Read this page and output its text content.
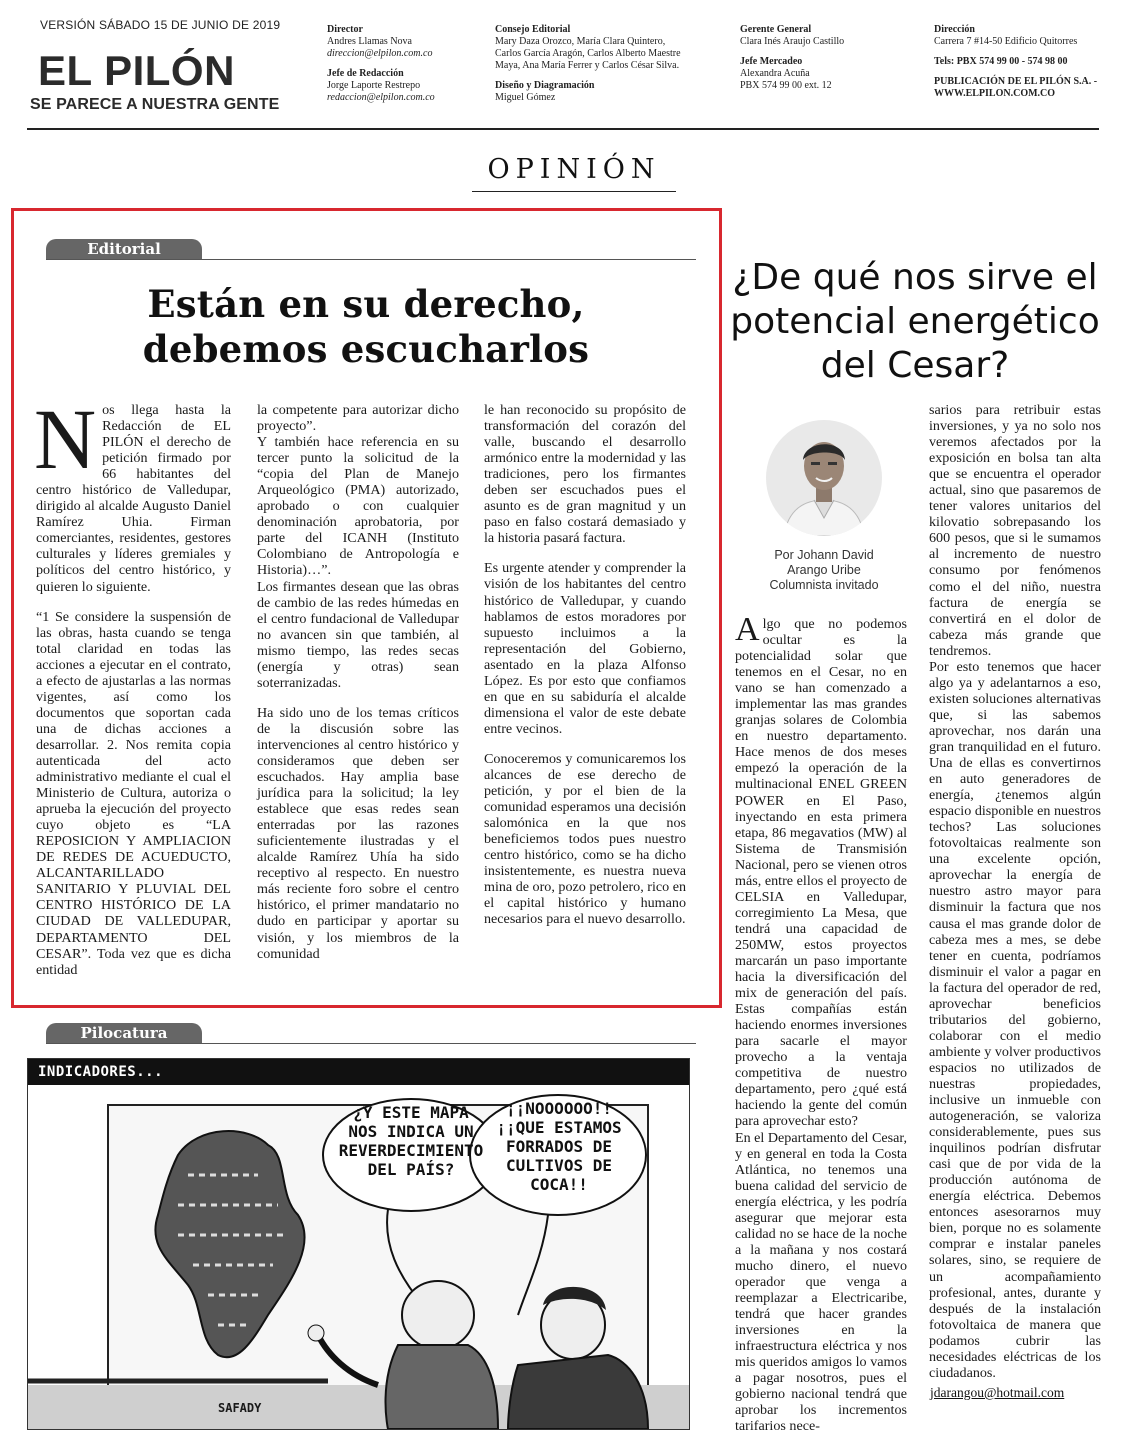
VERSIÓN SÁBADO 15 DE JUNIO DE 2019
EL PILÓN
SE PARECE A NUESTRA GENTE
Director
Andres Llamas Nova
direccion@elpilon.com.co
Jefe de Redacción
Jorge Laporte Restrepo
redaccion@elpilon.com.co
Consejo Editorial
Mary Daza Orozco, María Clara Quintero,
Carlos García Aragón, Carlos Alberto Maestre
Maya, Ana María Ferrer y Carlos César Silva.
Diseño y Diagramación
Miguel Gómez
Gerente General
Clara Inés Araujo Castillo
Jefe Mercadeo
Alexandra Acuña
PBX 574 99 00 ext. 12
Dirección
Carrera 7 #14-50 Edificio Quitorres
Tels: PBX 574 99 00 - 574 98 00
PUBLICACIÓN DE EL PILÓN S.A. -
WWW.ELPILON.COM.CO
OPINIÓN
Editorial
Están en su derecho,
debemos escucharlos

Nos llega hasta la Redacción de EL PILÓN el derecho de petición firmado por 66 habitantes del centro histórico de Valledupar, dirigido al alcalde Augusto Daniel Ramírez Uhia. Firman comerciantes, residentes, gestores culturales y líderes gremiales y políticos del centro histórico, y quieren lo siguiente.

“1 Se considere la suspensión de las obras, hasta cuando se tenga total claridad en todas las acciones a ejecutar en el contrato, a efecto de ajustarlas a las normas vigentes, así como los documentos que soportan cada una de dichas acciones a desarrollar. 2. Nos remita copia autenticada del acto administrativo mediante el cual el Ministerio de Cultura, autoriza o aprueba la ejecución del proyecto cuyo objeto es “LA REPOSICION Y AMPLIACION DE REDES DE ACUEDUCTO, ALCANTARILLADO SANITARIO Y PLUVIAL DEL CENTRO HISTÓRICO DE LA CIUDAD DE VALLEDUPAR, DEPARTAMENTO DEL CESAR”. Toda vez que es dicha entidad

la competente para autorizar dicho proyecto”.

Y también hace referencia en su tercer punto la solicitud de la “copia del Plan de Manejo Arqueológico (PMA) autorizado, aprobado o con cualquier denominación aprobatoria, por parte del ICANH (Instituto Colombiano de Antropología e Historia)…”.

Los firmantes desean que las obras de cambio de las redes húmedas en el centro fundacional de Valledupar no avancen sin que también, al mismo tiempo, las redes secas (energía y otras) sean soterranizadas.

Ha sido uno de los temas críticos de la discusión sobre las intervenciones al centro histórico y consideramos que deben ser escuchados. Hay amplia base jurídica para la solicitud; la ley establece que esas redes sean enterradas por las razones suficientemente ilustradas y el alcalde Ramírez Uhía ha sido receptivo al respecto. En nuestro más reciente foro sobre el centro histórico, el primer mandatario no dudo en participar y aportar su visión, y los miembros de la comunidad

le han reconocido su propósito de transformación del corazón del valle, buscando el desarrollo armónico entre la modernidad y las tradiciones, pero los firmantes deben ser escuchados pues el asunto es de gran magnitud y un paso en falso costará demasiado y la historia pasará factura.

Es urgente atender y comprender la visión de los habitantes del centro histórico de Valledupar, y cuando hablamos de estos moradores por supuesto incluimos a la representación del Gobierno, asentado en la plaza Alfonso López. Es por esto que confiamos en que en su sabiduría el alcalde dimensiona el valor de este debate entre vecinos.

Conoceremos y comunicaremos los alcances de ese derecho de petición, y por el bien de la comunidad esperamos una decisión salomónica en la que nos beneficiemos todos pues nuestro centro histórico, como se ha dicho insistentemente, es nuestra nueva mina de oro, pozo petrolero, rico en el capital histórico y humano necesarios para el nuevo desarrollo.

¿De qué nos sirve el
potencial energético
del Cesar?
Por Johann David
Arango Uribe
Columnista invitado

Algo que no podemos ocultar es la potencialidad solar que tenemos en el Cesar, no en vano se han comenzado a implementar las mas grandes granjas solares de Colombia en nuestro departamento. Hace menos de dos meses empezó la operación de la multinacional ENEL GREEN POWER en El Paso, inyectando en esta primera etapa, 86 megavatios (MW) al Sistema de Transmisión Nacional, pero se vienen otros más, entre ellos el proyecto de CELSIA en Valledupar, corregimiento La Mesa, que tendrá una capacidad de 250MW, estos proyectos marcarán un paso importante hacia la diversificación del mix de generación del país. Estas compañías están haciendo enormes inversiones para sacarle el mayor provecho a la ventaja competitiva de nuestro departamento, pero ¿qué está haciendo la gente del común para aprovechar esto?

En el Departamento del Cesar, y en general en toda la Costa Atlántica, no tenemos una buena calidad del servicio de energía eléctrica, y les podría asegurar que mejorar esta calidad no se hace de la noche a la mañana y nos costará mucho dinero, el nuevo operador que venga a reemplazar a Electricaribe, tendrá que hacer grandes inversiones en la infraestructura eléctrica y nos mis queridos amigos lo vamos a pagar nosotros, pues el gobierno nacional tendrá que aprobar los incrementos tarifarios nece-

sarios para retribuir estas inversiones, y ya no solo nos veremos afectados por la exposición en bolsa tan alta que se encuentra el operador actual, sino que pasaremos de tener valores unitarios del kilovatio sobrepasando los 600 pesos, que si le sumamos al incremento de nuestro consumo por fenómenos como el del niño, nuestra factura de energía se convertirá en el dolor de cabeza más grande que tendremos.

Por esto tenemos que hacer algo ya y adelantarnos a eso, existen soluciones alternativas que, si las sabemos aprovechar, nos darán una gran tranquilidad en el futuro. Una de ellas es convertirnos en auto generadores de energía, ¿tenemos algún espacio disponible en nuestros techos? Las soluciones fotovoltaicas realmente son una excelente opción, aprovechar la energía de nuestro astro mayor para disminuir la factura que nos causa el mas grande dolor de cabeza mes a mes, se debe tener en cuenta, podríamos disminuir el valor a pagar en la factura del operador de red, aprovechar beneficios tributarios del gobierno, colaborar con el medio ambiente y volver productivos espacios no utilizados de nuestras propiedades, inclusive un inmueble con autogeneración, se valoriza considerablemente, pues sus inquilinos podrían disfrutar casi que de por vida de la producción autónoma de energía eléctrica. Debemos entonces asesorarnos muy bien, porque no es solamente comprar e instalar paneles solares, sino, se requiere de un acompañamiento profesional, antes, durante y después de la instalación fotovoltaica de manera que podamos cubrir las necesidades eléctricas de los ciudadanos.

jdarangou@hotmail.com
Pilocatura
INDICADORES...
¿Y ESTE MAPA
NOS INDICA UN
REVERDECIMIENTO
DEL PAÍS?
¡¡NOOOOOO!!
¡¡QUE ESTAMOS
FORRADOS DE
CULTIVOS DE
COCA!!
SAFADY
